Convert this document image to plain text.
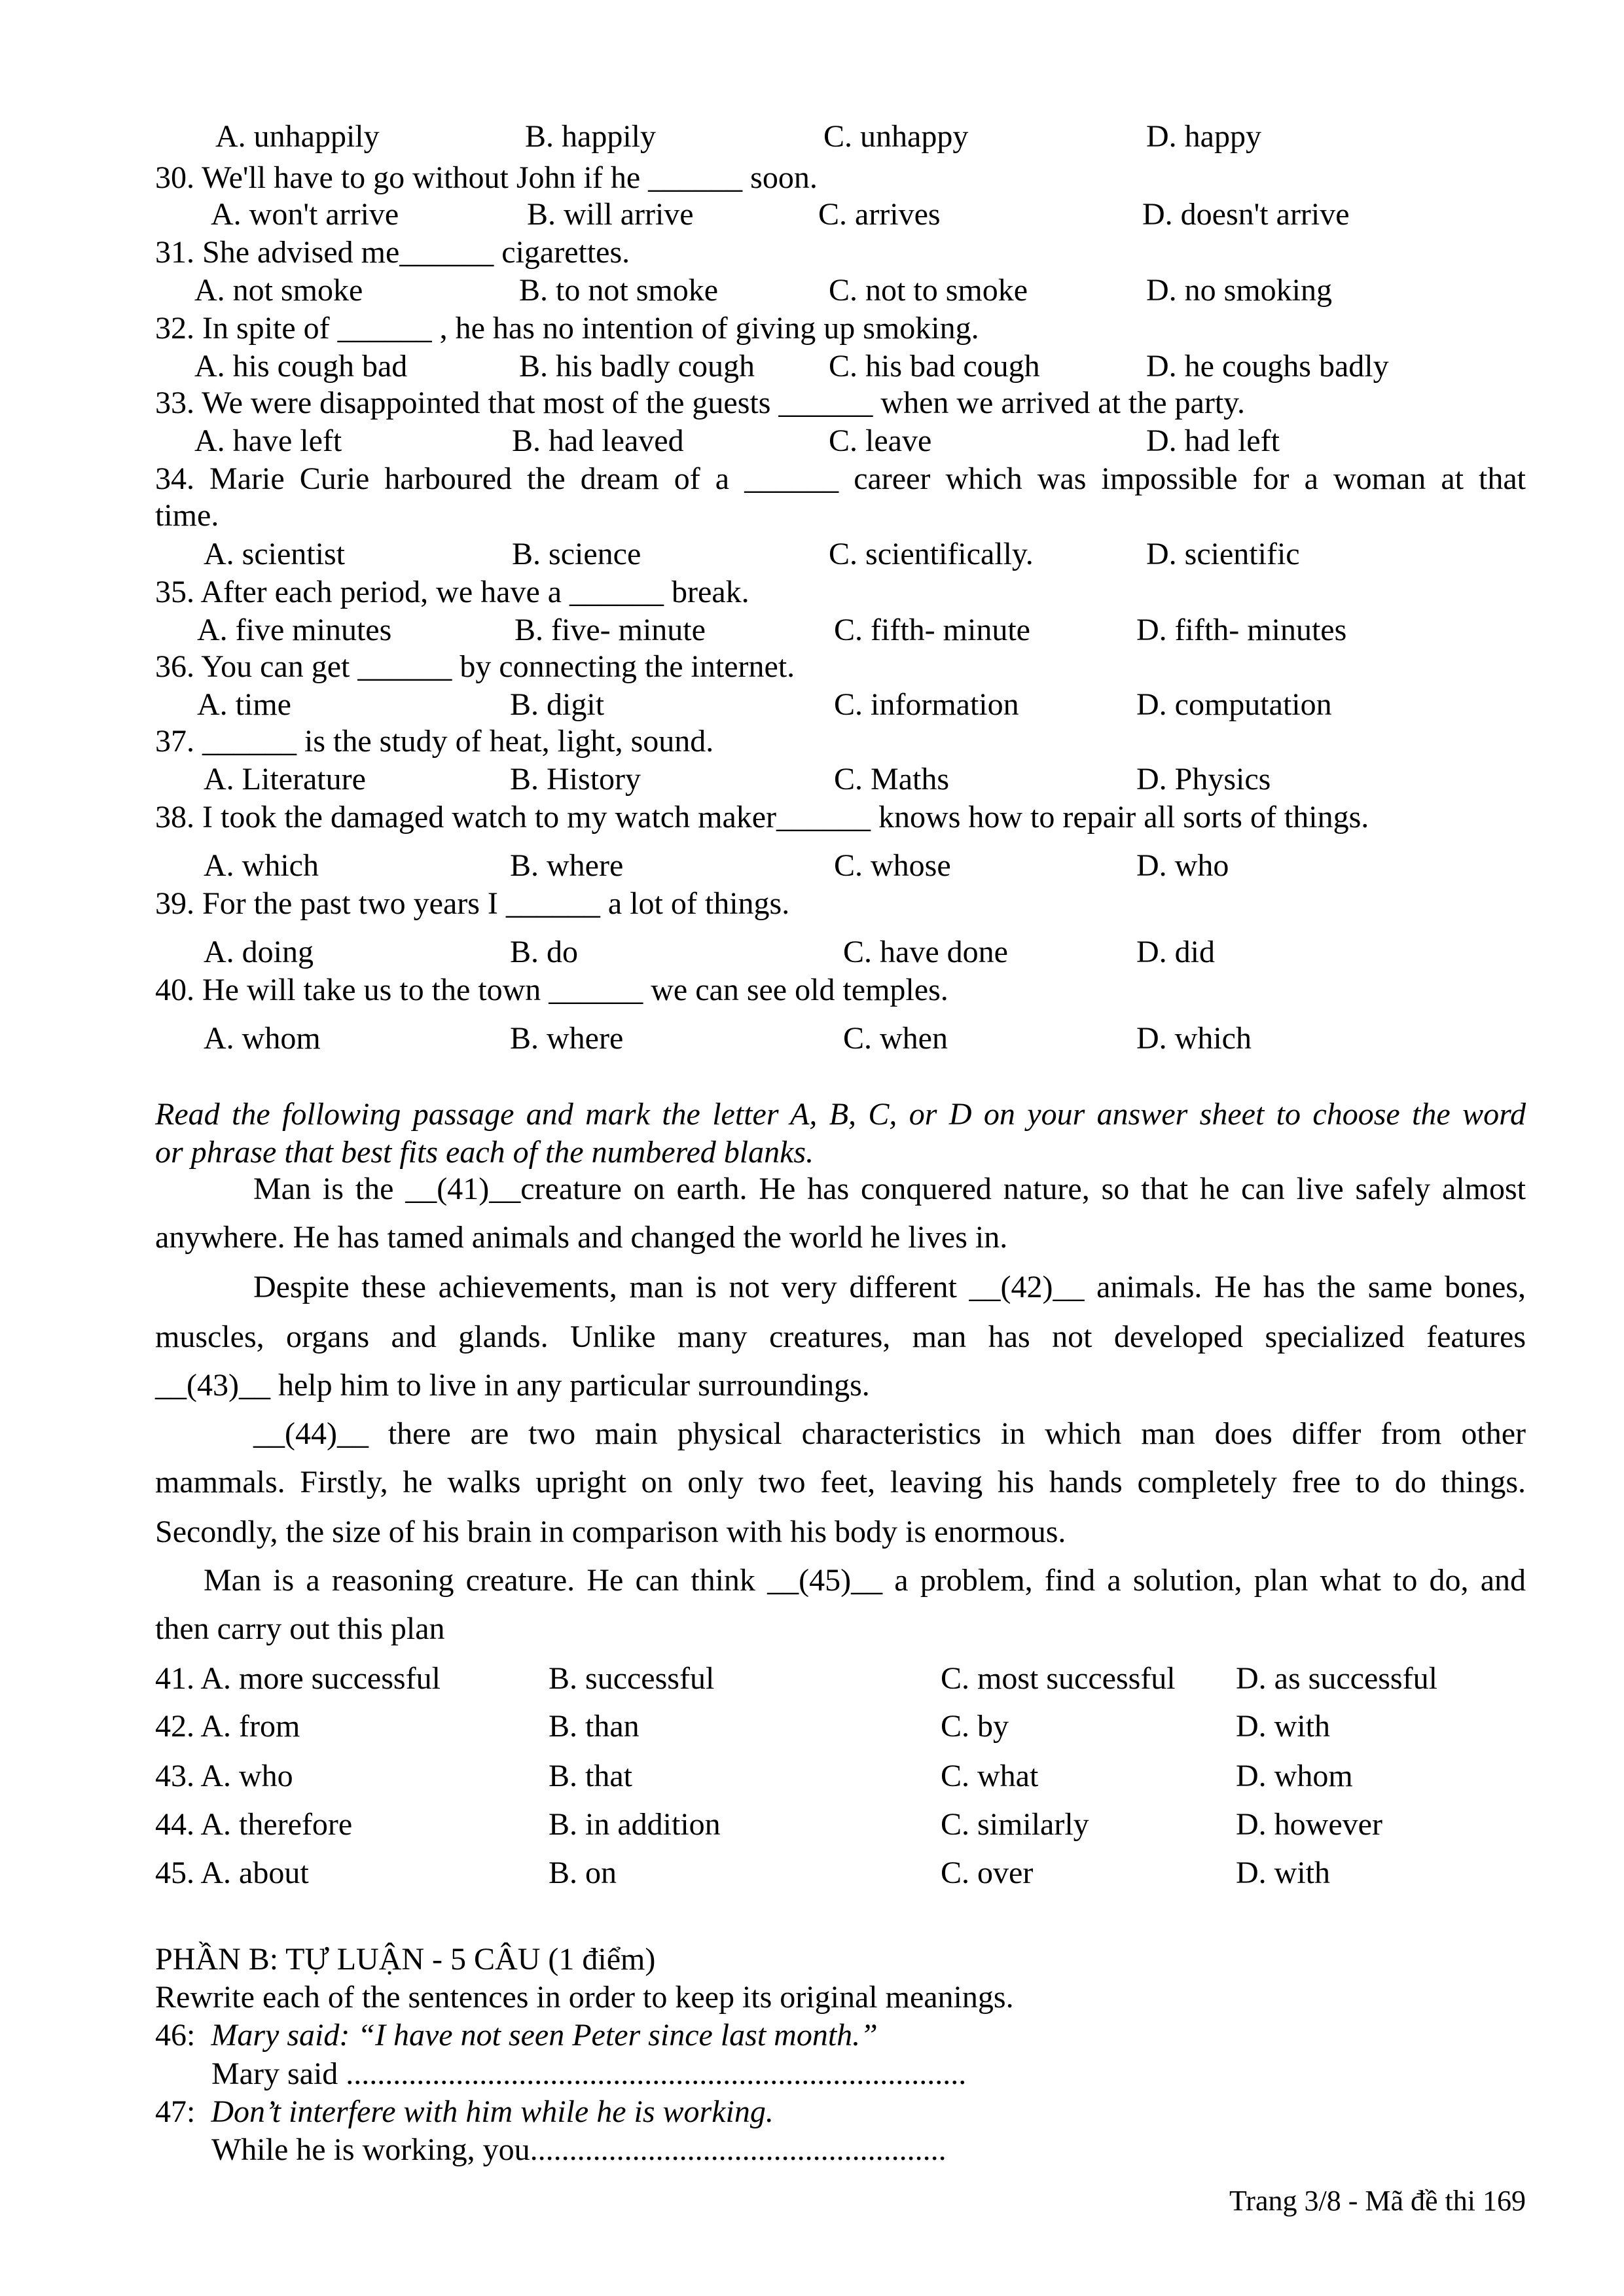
A. unhappily	B. happily	C. unhappy	D. happy
30. We'll have to go without John if he ______ soon.
A. won't arrive	B. will arrive	C. arrives	D. doesn't arrive
31. She advised me______ cigarettes.
A. not smoke	B. to not smoke	C. not to smoke	D. no smoking
32. In spite of ______ , he has no intention of giving up smoking.
A. his cough bad	B. his badly cough C. his bad cough	D. he coughs badly
33. We were disappointed that most of the guests ______ when we arrived at the party.
A. have left	B. had leaved	C. leave	D. had left
34. Marie Curie harboured the dream of a ______ career which was impossible for a woman at that
time.
A. scientist	B. science	C. scientifically.	D. scientific
35. After each period, we have a ______ break.
A. five minutes	B. five- minute	C. fifth- minute	D. fifth- minutes
36. You can get ______ by connecting the internet.
A. time	B. digit	C. information	D. computation
37. ______ is the study of heat, light, sound.
A. Literature	B. History	C. Maths	D. Physics
38. I took the damaged watch to my watch maker______ knows how to repair all sorts of things.
A. which	B. where	C. whose	D. who
39. For the past two years I ______ a lot of things.
A. doing	B. do	C. have done	D. did
40. He will take us to the town ______ we can see old temples.
A. whom	B. where	C. when	D. which
Read the following passage and mark the letter A, B, C, or D on your answer sheet to choose the word
or phrase that best fits each of the numbered blanks.
Man is the __(41)__creature on earth. He has conquered nature, so that he can live safely almost
anywhere. He has tamed animals and changed the world he lives in.
Despite these achievements, man is not very different __(42)__ animals. He has the same bones,
muscles, organs and glands. Unlike many creatures, man has not developed specialized features
__(43)__ help him to live in any particular surroundings.
__(44)__ there are two main physical characteristics in which man does differ from other
mammals. Firstly, he walks upright on only two feet, leaving his hands completely free to do things.
Secondly, the size of his brain in comparison with his body is enormous.
Man is a reasoning creature. He can think __(45)__ a problem, find a solution, plan what to do, and
then carry out this plan
41. A. more successful	B. successful	C. most successful D. as successful
42. A. from	B. than	C. by	D. with
43. A. who	B. that	C. what	D. whom
44. A. therefore	B. in addition	C. similarly	D. however
45. A. about	B. on	C. over	D. with
PHẦN B: TỰ LUẬN - 5 CÂU (1 điểm)
Rewrite each of the sentences in order to keep its original meanings.
46: Mary said: “I have not seen Peter since last month.”
Mary said ...............................................................................
47: Don’t interfere with him while he is working.
While he is working, you.....................................................
Trang 3/8 - Mã đề thi 169
